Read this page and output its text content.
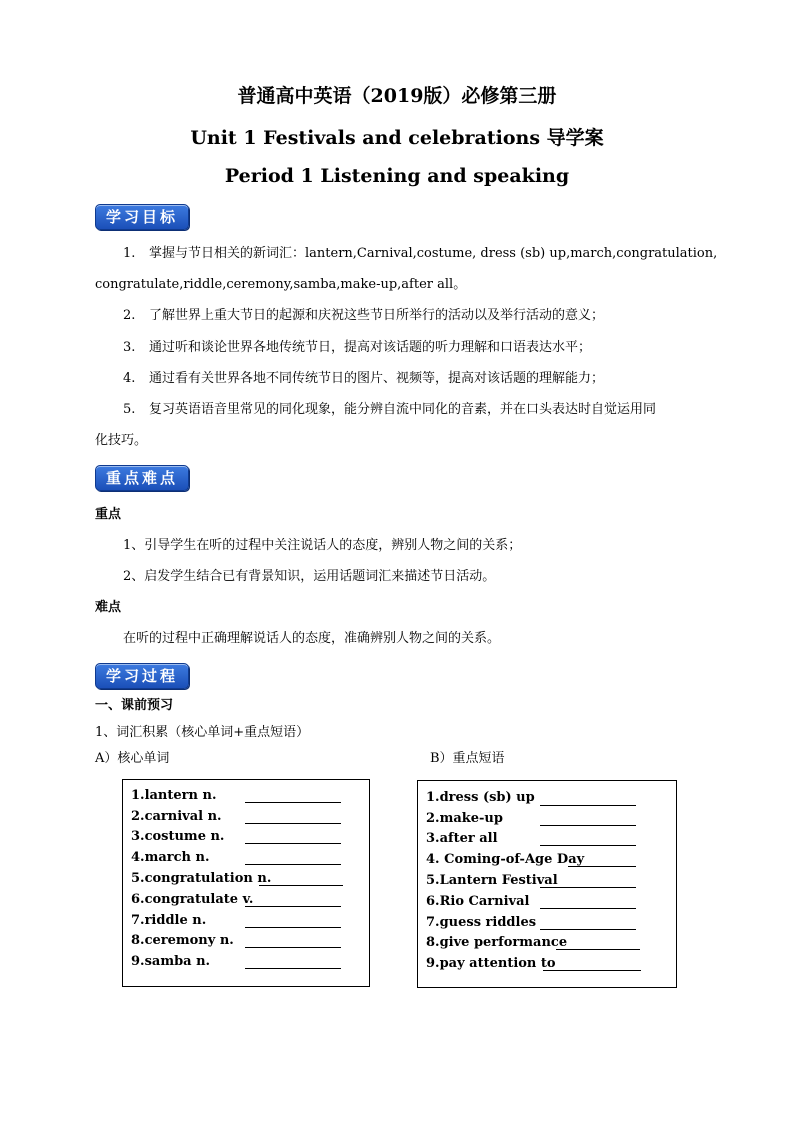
普通高中英语（2019版）必修第三册
Unit 1 Festivals and celebrations 导学案
Period 1 Listening and speaking
学习目标
1. 掌握与节日相关的新词汇：lantern,Carnival,costume, dress (sb) up,march,congratulation,
congratulate,riddle,ceremony,samba,make-up,after all。
2. 了解世界上重大节日的起源和庆祝这些节日所举行的活动以及举行活动的意义；
3. 通过听和谈论世界各地传统节日，提高对该话题的听力理解和口语表达水平；
4. 通过看有关世界各地不同传统节日的图片、视频等，提高对该话题的理解能力；
5. 复习英语语音里常见的同化现象，能分辨自流中同化的音素，并在口头表达时自觉运用同
化技巧。
重点难点
重点
1、引导学生在听的过程中关注说话人的态度，辨别人物之间的关系；
2、启发学生结合已有背景知识，运用话题词汇来描述节日活动。
难点
在听的过程中正确理解说话人的态度，准确辨别人物之间的关系。
学习过程
一、课前预习
1、词汇积累（核心单词+重点短语）
A）核心单词	B）重点短语
1.lantern n.
2.carnival n.
3.costume n.
4.march n.
5.congratulation n.
6.congratulate v.
7.riddle n.
8.ceremony n.
9.samba n.
1.dress (sb) up
2.make-up
3.after all
4. Coming-of-Age Day
5.Lantern Festival
6.Rio Carnival
7.guess riddles
8.give performance
9.pay attention to
